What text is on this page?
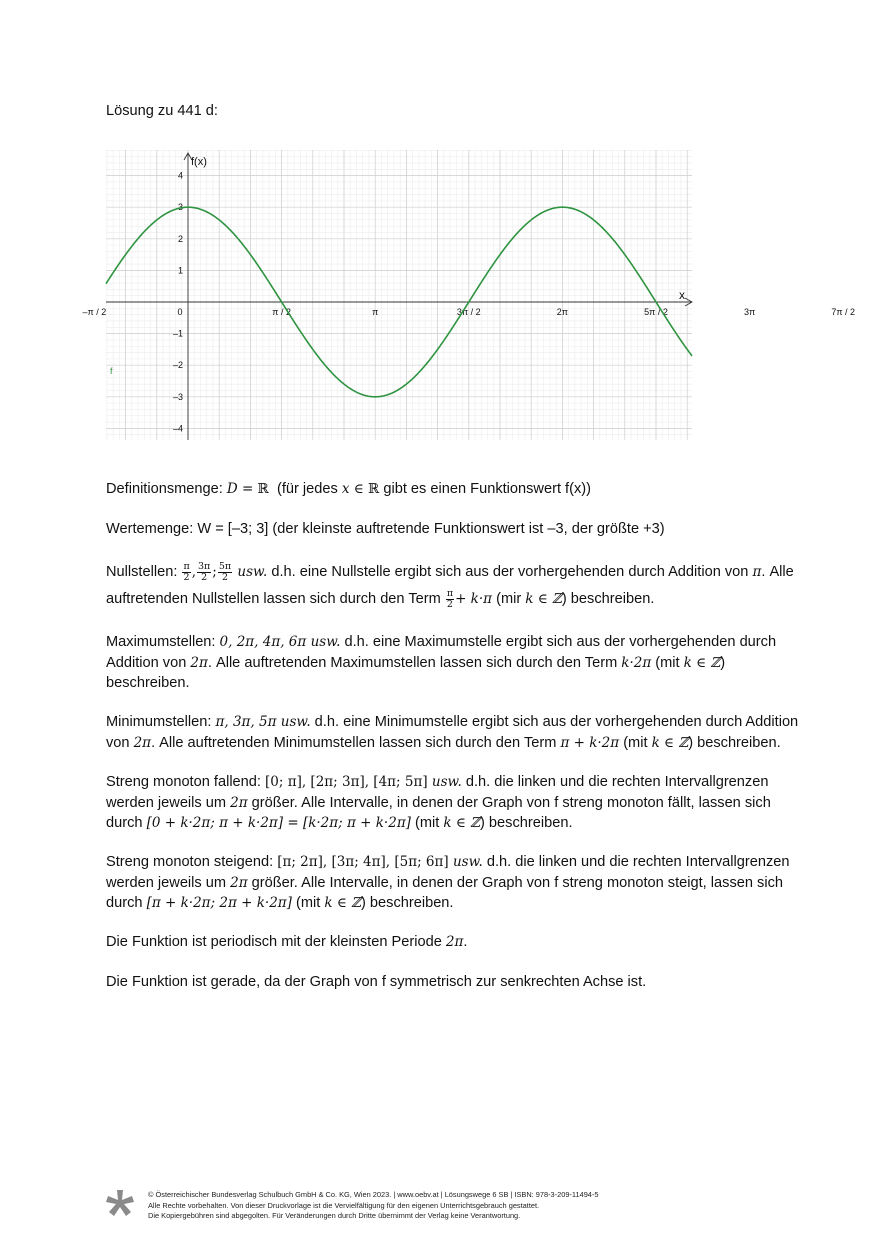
Lösung zu 441 d:
–π / 2	0	π / 2	π	3π / 2	2π	5π / 2	3π	7π / 2
4
3
2
1
–1
–2
–3
–4
f(x)
x
f
Definitionsmenge: D = ℝ  (für jedes x ∈ ℝ gibt es einen Funktionswert f(x))
Wertemenge: W = [–3; 3] (der kleinste auftretende Funktionswert ist –3, der größte +3)
Nullstellen: $\frac{\pi}{2}$ , $\frac{3\pi}{2}$ ; $\frac{5\pi}{2}$ usw. d.h. eine Nullstelle ergibt sich aus der vorhergehenden durch Addition von π. Alle auftretenden Nullstellen lassen sich durch den Term $\frac{\pi}{2} + k\cdot\pi$ (mir k ∈ ℤ) beschreiben.
Maximumstellen: 0, 2π, 4π, 6π usw. d.h. eine Maximumstelle ergibt sich aus der vorhergehenden durch Addition von 2π. Alle auftretenden Maximumstellen lassen sich durch den Term k·2π (mit k ∈ ℤ) beschreiben.
Minimumstellen: π, 3π, 5π usw. d.h. eine Minimumstelle ergibt sich aus der vorhergehenden durch Addition von 2π. Alle auftretenden Minimumstellen lassen sich durch den Term π + k·2π (mit k ∈ ℤ) beschreiben.
Streng monoton fallend: [0; π], [2π; 3π], [4π; 5π] usw. d.h. die linken und die rechten Intervallgrenzen werden jeweils um 2π größer. Alle Intervalle, in denen der Graph von f streng monoton fällt, lassen sich durch [0 + k·2π; π + k·2π] = [k·2π; π + k·2π] (mit k ∈ ℤ) beschreiben.
Streng monoton steigend: [π; 2π], [3π; 4π], [5π; 6π] usw. d.h. die linken und die rechten Intervallgrenzen werden jeweils um 2π größer. Alle Intervalle, in denen der Graph von f streng monoton steigt, lassen sich durch [π + k·2π; 2π + k·2π] (mit k ∈ ℤ) beschreiben.
Die Funktion ist periodisch mit der kleinsten Periode 2π.
Die Funktion ist gerade, da der Graph von f symmetrisch zur senkrechten Achse ist.
© Österreichischer Bundesverlag Schulbuch GmbH & Co. KG, Wien 2023. | www.oebv.at | Lösungswege 6 SB | ISBN: 978-3-209-11494-5
Alle Rechte vorbehalten. Von dieser Druckvorlage ist die Vervielfältigung für den eigenen Unterrichtsgebrauch gestattet.
Die Kopiergebühren sind abgegolten. Für Veränderungen durch Dritte übernimmt der Verlag keine Verantwortung.
